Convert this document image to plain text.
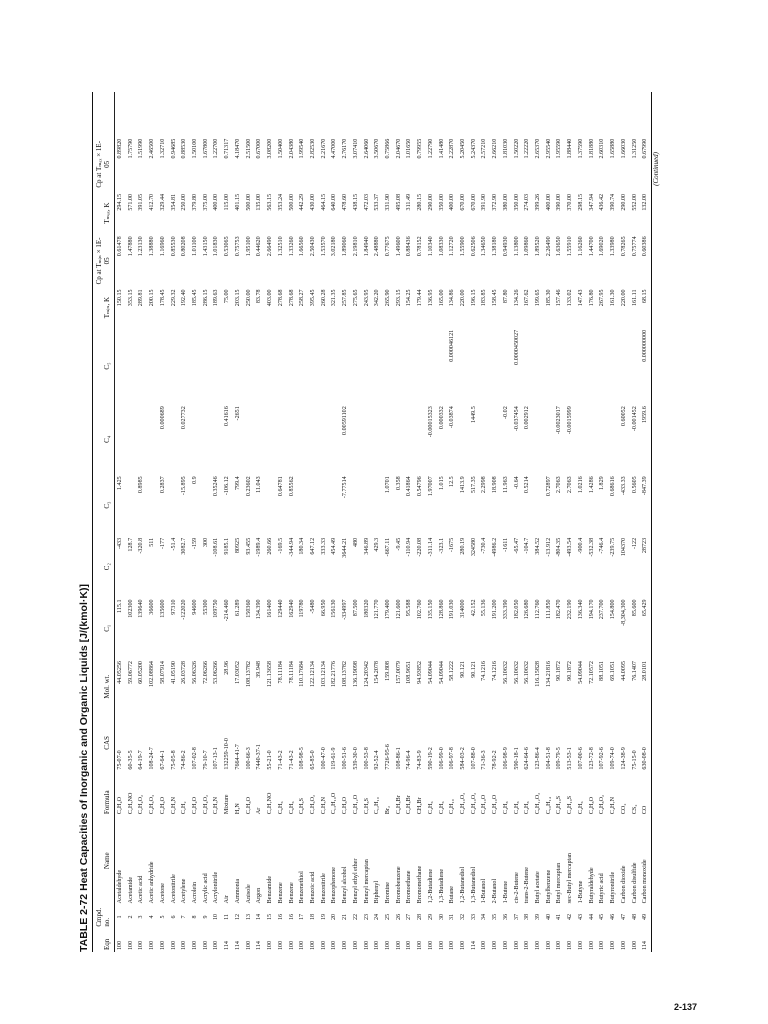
TABLE 2-72 Heat Capacities of Inorganic and Organic Liquids [J/(kmol·K)] Eqn	Cmpd. no.	Name	Formula	CAS	Mol. wt.	C₁	C₂	C₃	C₄	C₅	Tₘᵢₙ, K	Cp at Tₘᵢₙ × 1E-05	Tₘₐₓ, K	Cp at Tₘₐₓ × 1E-05	

100	1	Acetaldehyde	C₂H₄O	75-07-0	44.05256	115.1	-433	1.425			150.15	0.61478	294.15	0.89820	
100	2	Acetamide	C₂H₅NO	60-35-5	59.06772	102300	128.7				353.15	1.47880	571.00	1.75790	
100	3	Acetic acid	C₂H₄O₂	64-19-7	60.05200	139640	-320.8	0.8985			289.81	1.23130	391.05	1.51990	
100	4	Acetic anhydride	C₄H₆O₃	108-24-7	102.08864	36600	511				200.15	1.38880	412.70	2.46500	
100	5	Acetone	C₃H₆O	67-64-1	58.07914	135600	-177	0.2837	0.000689		178.45	1.16960	329.44	1.32710	
100	6	Acetonitrile	C₂H₃N	75-05-8	41.05190	97310	-51.4				229.32	0.85530	354.81	0.94685	
100	7	Acetylene	C₂H₂	74-86-2	26.03728	-122020	3082.7	-15.895	0.027732		192.40	0.80208	250.00	0.88530	
100	8	Acrolein	C₃H₄O	107-02-8	56.06326	94600	-159	0.9			185.45	1.01100	379.80	1.50100	
100	9	Acrylic acid	C₃H₄O₂	79-10-7	72.06266	55300	300				286.15	1.43150	375.00	1.67800	
100	10	Acrylonitrile	C₃H₃N	107-13-1	53.06266	109750	-108.61	0.35246			189.63	1.01830	400.00	1.22700	
114	11	Air	Mixture	132259-10-0	28.96	-214.460	9185.1	-106.12	0.41616		75.00	0.53065	115.00	0.71317	
114	12	Ammonia	H₃N	7664-41-7	17.03052	61.289	80925	799.4	-2651		203.15	0.75753	401.15	4.18470	
100	13	Anisole	C₇H₈O	100-66-3	108.13782	150360	93.455	0.23602			250.00	1.95100	500.00	2.51500	
114	14	Argon	Ar	7440-37-1	39.948	134.390	-1989.4	11.043			83.78	0.44620	135.00	0.67000	
100	15	Benzamide	C₇H₇NO	55-21-0	121.13658	161400	260.66				403.00	2.66490	563.15	3.08200	
100	16	Benzene	C₆H₆	71-43-2	78.11184	129440	-169.5	0.64781			278.68	1.32510	353.24	1.50400	
100	16	Benzene	C₆H₆	71-43-2	78.11184	162940	-344.94	0.85562			278.68	1.33260	500.00	2.04380	
100	17	Benzenethiol	C₆H₆S	108-98-5	110.17684	119780	180.34				258.27	1.66560	442.29	1.99540	
100	18	Benzoic acid	C₇H₆O₂	65-85-0	122.12134	-5480	647.12				395.45	2.50430	430.00	2.82530	
100	19	Benzonitrile	C₇H₅N	100-47-0	103.12134	66.950	333.33				260.28	1.53570	464.15	2.21670	
100	20	Benzophenone	C₁₃H₁₀O	119-61-9	182.21776	156130	454.49				321.35	3.02180	640.00	4.47000	
100	21	Benzyl alcohol	C₇H₈O	100-51-6	108.13782	-334997	3644.21	-7.77514	0.00591102		257.85	1.89060	478.60	2.76170	
100	22	Benzyl ethyl ether	C₉H₁₂O	539-30-0	136.19098	87.500	480				275.65	2.19810	438.15	3.07410	
100	23	Benzyl mercaptan	C₇H₈S	100-53-8	124.20342	180320	346.89				243.95	1.84940	472.03	2.64060	
100	24	Biphenyl	C₁₂H₁₀	92-52-4	154.2078	121.770	429.3				342.20	2.48880	533.37	3.50670	
100	25	Bromine	Br₂	7726-95-6	159.808	179.400	-667.11	1.0701			265.90	0.77675	331.90	0.75866	
100	26	Bromobenzene	C₆H₅Br	108-86-1	157.0079	121.600	-9.45	0.358			293.15	1.49600	495.08	2.04670	
100	27	Bromoethane	C₂H₅Br	74-96-4	108.9651	95.588	-110.94	0.41864			154.25	0.88436	311.49	1.01650	
100	28	Bromomethane	CH₃Br	74-83-9	94.93852	102.760	-220.08	0.54796			179.44	0.78152	280.15	0.79955	
100	29	1,2-Butadiene	C₄H₆	590-19-2	54.09044	135.150	-311.14	1.97007	-0.00015323		136.95	1.10340	290.00	1.22790	
100	30	1,3-Butadiene	C₄H₆	106-99-0	54.09044	128.860	-323.1	1.015	0.000332		165.00	1.08330	350.00	1.41480	
100	31	Butane	C₄H₁₀	106-97-8	58.1222	191.030	-1675	12.5	-0.03874	0.000046121	134.86	1.12720	400.00	2.22870	
100	32	1,2-Butanediol	C₄H₁₀O₂	584-03-2	90.121	314000	280.19	1413.9			220.00	1.55900	670.00	5.20450	
114	33	1,3-Butanediol	C₄H₁₀O₂	107-88-0	90.121	42.152	324580	517.35	1449.5		196.15	0.62506	670.00	5.24370	
100	34	1-Butanol	C₄H₁₀O	71-36-3	74.1216	55.136	-730.4	2.2998			183.85	1.34650	391.90	2.57210	
100	35	2-Butanol	C₄H₁₀O	78-92-2	74.1216	191.200	-4986.2	18.908			158.45	1.38180	372.90	2.66210	
100	36	1-Butene	C₄H₈	106-98-9	56.10632	333.390	-1611	11.963	-0.02		87.80	0.94930	380.00	1.81030	
100	37	cis-2-Butene	C₄H₈	590-18-1	56.10632	182.050	-65.47	-0.64	-0.037454	0.0000450027	134.26	1.13800	350.00	1.50220	
100	38	trans-2-Butene	C₄H₈	624-64-6	56.10632	126.680	-104.7	0.5214	0.002912		167.62	1.09860	274.03	1.22220	
100	39	Butyl acetate	C₆H₁₂O₂	123-86-4	116.15828	112.760	384.52				199.65	1.89520	399.26	2.65370	
100	40	Butylbenzene	C₁₀H₁₄	104-51-8	134.21816	111.850	-13.912	0.72897			185.30	2.26490	400.00	2.95540	
100	41	Butyl mercaptan	C₄H₁₀S	109-79-5	90.1872	182.470	-804.35	2.7063	-0.0023017		157.46	1.63650	390.00	1.95590	
100	42	sec-Butyl mercaptan	C₄H₁₀S	513-53-1	90.1872	232.190	-493.54	2.7063	-0.0015999		133.02	1.55910	370.00	1.88440	
100	43	1-Butyne	C₄H₆	107-00-6	54.09044	136.340	-900.4	1.0216			147.43	1.16260	298.15	1.37590	
100	44	Butyraldehyde	C₄H₈O	123-72-8	72.10572	194.170	-532.38	1.4286			176.80	1.44700	347.94	1.81880	
100	45	Butyric acid	C₄H₈O₂	107-92-6	88.1051	237.700	-746.4	1.829			267.95	1.69020	436.42	2.60310	
100	46	Butyronitrile	C₄H₇N	109-74-0	69.1051	154.800	-239.75	0.68616			161.30	1.33980	390.74	1.65880	
100	47	Carbon dioxide	CO₂	124-38-9	44.0095	-8,304,300	104370	-433.33	0.60052		220.00	0.78265	290.00	1.66030	
100	48	Carbon disulfide	CS₂	75-15-0	76.1407	85.600	-122	0.5605	-0.001452		161.11	0.75774	552.00	1.31250	
114	49	Carbon monoxide	CO	630-08-0	28.0101	65.429	28723	-847.39	1959.6	0.000000000	68.15	0.60386	132.00	0.67990	
(Continued)
2-137
